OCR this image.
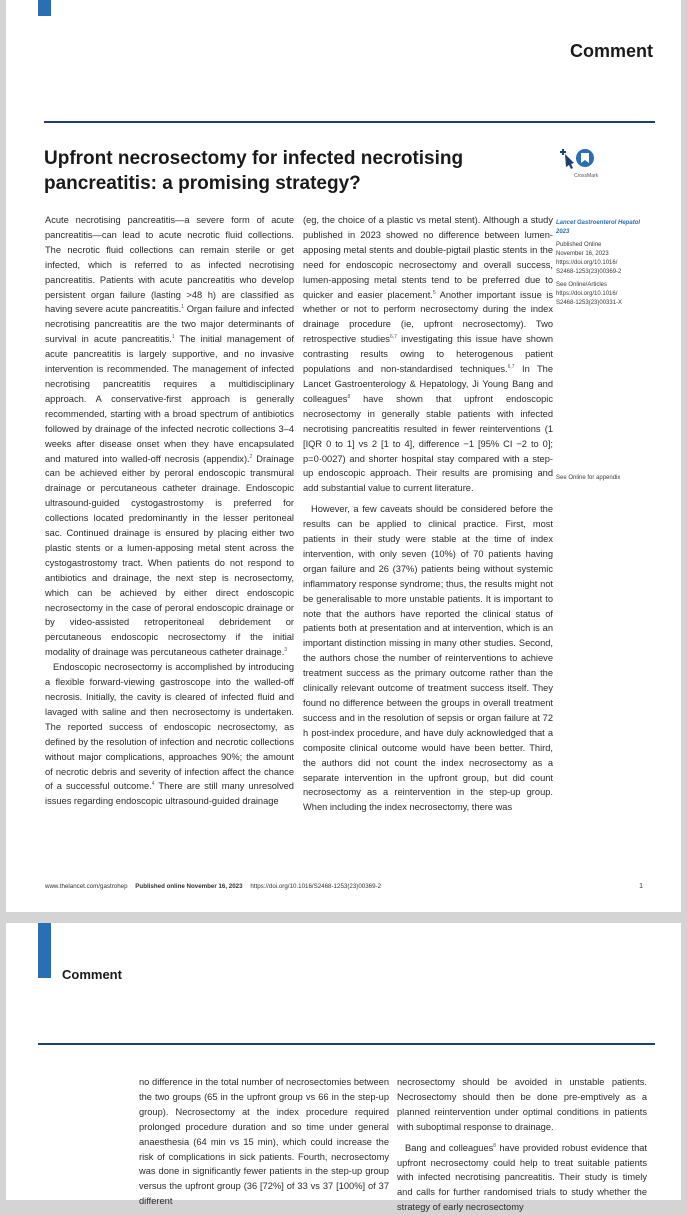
Comment
Upfront necrosectomy for infected necrotising pancreatitis: a promising strategy?	CrossMark

Acute necrotising pancreatitis—a severe form of acute pancreatitis—can lead to acute necrotic fluid collections. The necrotic fluid collections can remain sterile or get infected, which is referred to as infected necrotising pancreatitis. Patients with acute pancreatitis who develop persistent organ failure (lasting >48 h) are classified as having severe acute pancreatitis.$^1$ Organ failure and infected necrotising pancreatitis are the two major determinants of survival in acute pancreatitis.$^1$ The initial management of acute pancreatitis is largely supportive, and no invasive intervention is recommended. The management of infected necrotising pancreatitis requires a multidisciplinary approach. A conservative-first approach is generally recommended, starting with a broad spectrum of antibiotics followed by drainage of the infected necrotic collections 3–4 weeks after disease onset when they have encapsulated and matured into walled-off necrosis (appendix).$^2$ Drainage can be achieved either by peroral endoscopic transmural drainage or percutaneous catheter drainage. Endoscopic ultrasound-guided cystogastrostomy is preferred for collections located predominantly in the lesser peritoneal sac. Continued drainage is ensured by placing either two plastic stents or a lumen-apposing metal stent across the cystogastrostomy tract. When patients do not respond to antibiotics and drainage, the next step is necrosectomy, which can be achieved by either direct endoscopic necrosectomy in the case of peroral endoscopic drainage or by video-assisted retroperitoneal debridement or percutaneous endoscopic necrosectomy if the initial modality of drainage was percutaneous catheter drainage.$^3$

Endoscopic necrosectomy is accomplished by introducing a flexible forward-viewing gastroscope into the walled-off necrosis. Initially, the cavity is cleared of infected fluid and lavaged with saline and then necrosectomy is undertaken. The reported success of endoscopic necrosectomy, as defined by the resolution of infection and necrotic collections without major complications, approaches 90%; the amount of necrotic debris and severity of infection affect the chance of a successful outcome.$^4$ There are still many unresolved issues regarding endoscopic ultrasound-guided drainage

(eg, the choice of a plastic vs metal stent). Although a study published in 2023 showed no difference between lumen-apposing metal stents and double-pigtail plastic stents in the need for endoscopic necrosectomy and overall success, lumen-apposing metal stents tend to be preferred due to quicker and easier placement.$^5$ Another important issue is whether or not to perform necrosectomy during the index drainage procedure (ie, upfront necrosectomy). Two retrospective studies$^{6,7}$ investigating this issue have shown contrasting results owing to heterogenous patient populations and non-standardised techniques.$^{6,7}$ In The Lancet Gastroenterology & Hepatology, Ji Young Bang and colleagues$^8$ have shown that upfront endoscopic necrosectomy in generally stable patients with infected necrotising pancreatitis resulted in fewer reinterventions (1 [IQR 0 to 1] vs 2 [1 to 4], difference −1 [95% CI −2 to 0]; p=0·0027) and shorter hospital stay compared with a step-up endoscopic approach. Their results are promising and add substantial value to current literature.

However, a few caveats should be considered before the results can be applied to clinical practice. First, most patients in their study were stable at the time of index intervention, with only seven (10%) of 70 patients having organ failure and 26 (37%) patients being without systemic inflammatory response syndrome; thus, the results might not be generalisable to more unstable patients. It is important to note that the authors have reported the clinical status of patients both at presentation and at intervention, which is an important distinction missing in many other studies. Second, the authors chose the number of reinterventions to achieve treatment success as the primary outcome rather than the clinically relevant outcome of treatment success itself. They found no difference between the groups in overall treatment success and in the resolution of sepsis or organ failure at 72 h post-index procedure, and have duly acknowledged that a composite clinical outcome would have been better. Third, the authors did not count the index necrosectomy as a separate intervention in the upfront group, but did count necrosectomy as a reintervention in the step-up group. When including the index necrosectomy, there was

Lancet Gastroenterol Hepatol
2023
Published Online
November 16, 2023
https://doi.org/10.1016/
S2468-1253(23)00369-2
See Online/Articles
https://doi.org/10.1016/
S2468-1253(23)00331-X
See Online for appendix
www.thelancet.com/gastrohep Published online November 16, 2023 https://doi.org/10.1016/S2468-1253(23)00369-2	1
Comment

no difference in the total number of necrosectomies between the two groups (65 in the upfront group vs 66 in the step-up group). Necrosectomy at the index procedure required prolonged procedure duration and so time under general anaesthesia (64 min vs 15 min), which could increase the risk of complications in sick patients. Fourth, necrosectomy was done in significantly fewer patients in the step-up group versus the upfront group (36 [72%] of 33 vs 37 [100%] of 37 different

necrosectomy should be avoided in unstable patients. Necrosectomy should then be done pre-emptively as a planned reintervention under optimal conditions in patients with suboptimal response to drainage.

Bang and colleagues$^8$ have provided robust evidence that upfront necrosectomy could help to treat suitable patients with infected necrotising pancreatitis. Their study is timely and calls for further randomised trials to study whether the strategy of early necrosectomy
